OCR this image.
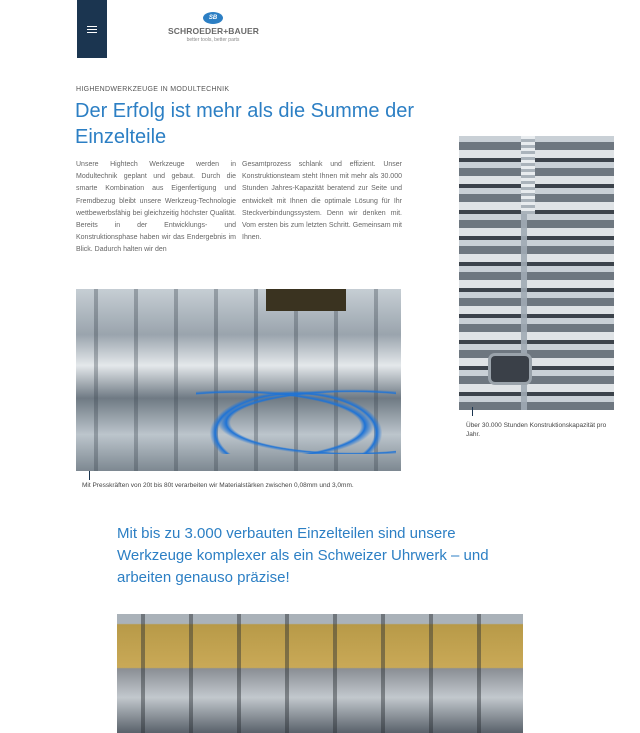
SB
SCHROEDER+BAUER
better tools, better parts
HIGHENDWERKZEUGE IN MODULTECHNIK
Der Erfolg ist mehr als die Summe der Einzelteile

Unsere Hightech Werkzeuge werden in Modultechnik geplant und gebaut. Durch die smarte Kombination aus Eigenfertigung und Fremdbezug bleibt unsere Werkzeug-Technologie wettbewerbsfähig bei gleichzeitig höchster Qualität. Bereits in der Entwicklungs- und Konstruktionsphase haben wir das Endergebnis im Blick. Dadurch halten wir den

Gesamtprozess schlank und effizient. Unser Konstruktionsteam steht Ihnen mit mehr als 30.000 Stunden Jahres-Kapazität beratend zur Seite und entwickelt mit Ihnen die optimale Lösung für Ihr Steckverbindungssystem. Denn wir denken mit. Vom ersten bis zum letzten Schritt. Gemeinsam mit Ihnen.

Über 30.000 Stunden Konstruktionskapazität pro Jahr.
Mit Presskräften von 20t bis 80t verarbeiten wir Materialstärken zwischen 0,08mm und 3,0mm.

Mit bis zu 3.000 verbauten Einzelteilen sind unsere Werkzeuge komplexer als ein Schweizer Uhrwerk – und arbeiten genauso präzise!
